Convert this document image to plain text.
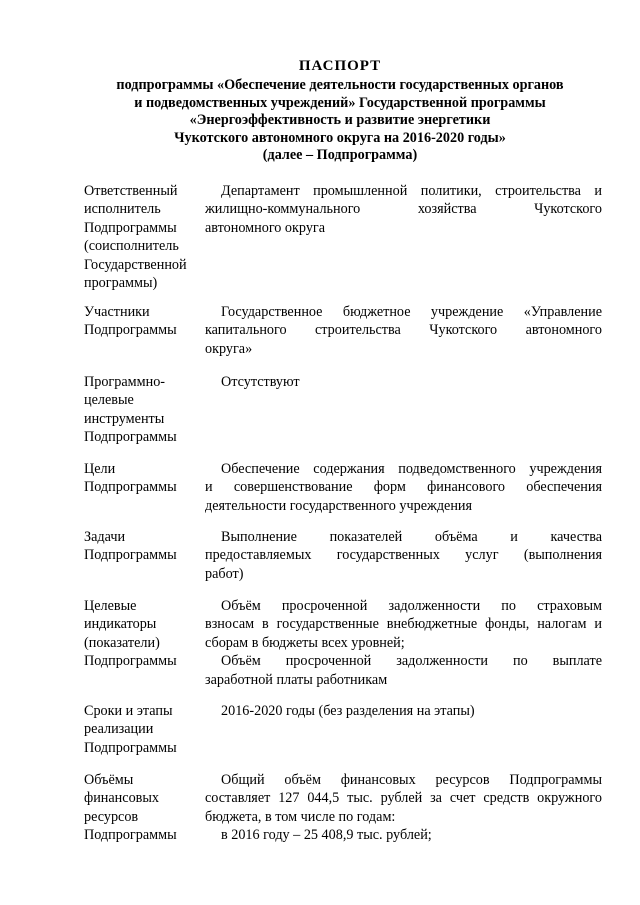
ПАСПОРТ
подпрограммы «Обеспечение деятельности государственных органов
и подведомственных учреждений» Государственной программы
«Энергоэффективность и развитие энергетики
Чукотского автономного округа на 2016-2020 годы»
(далее – Подпрограмма)
Ответственный
исполнитель
Подпрограммы
(соисполнитель
Государственной
программы)
Департамент промышленной политики, строительства и
жилищно-коммунального хозяйства Чукотского
автономного округа
Участники
Подпрограммы
Государственное бюджетное учреждение «Управление
капитального строительства Чукотского автономного
округа»
Программно-
целевые
инструменты
Подпрограммы
Отсутствуют
Цели
Подпрограммы
Обеспечение содержания подведомственного учреждения
и совершенствование форм финансового обеспечения
деятельности государственного учреждения
Задачи
Подпрограммы
Выполнение показателей объёма и качества
предоставляемых государственных услуг (выполнения
работ)
Целевые
индикаторы
(показатели)
Подпрограммы
Объём просроченной задолженности по страховым
взносам в государственные внебюджетные фонды, налогам и
сборам в бюджеты всех уровней;
Объём просроченной задолженности по выплате
заработной платы работникам
Сроки и этапы
реализации
Подпрограммы
2016-2020 годы (без разделения на этапы)
Объёмы
финансовых
ресурсов
Подпрограммы
Общий объём финансовых ресурсов Подпрограммы
составляет 127 044,5 тыс. рублей за счет средств окружного
бюджета, в том числе по годам:
в 2016 году – 25 408,9 тыс. рублей;
